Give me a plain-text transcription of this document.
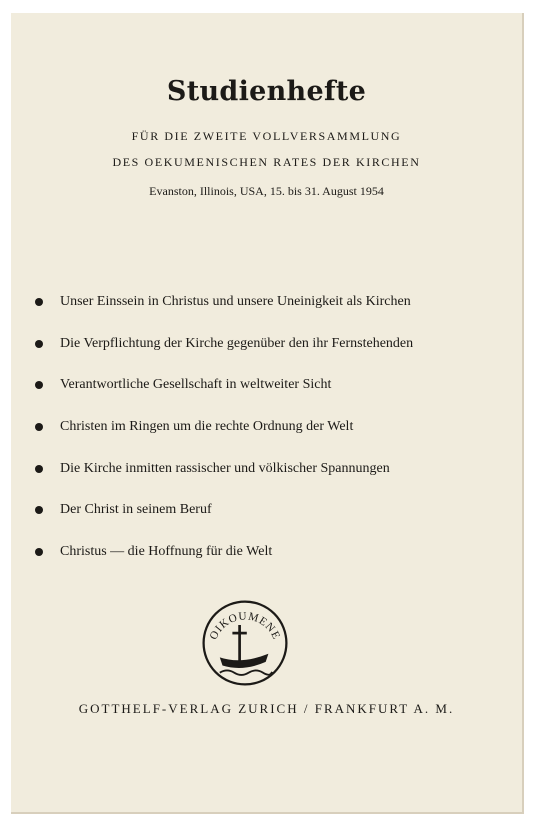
Studienhefte

FÜR DIE ZWEITE VOLLVERSAMMLUNG

DES OEKUMENISCHEN RATES DER KIRCHEN

Evanston, Illinois, USA, 15. bis 31. August 1954
Unser Einssein in Christus und unsere Uneinigkeit als Kirchen
Die Verpflichtung der Kirche gegenüber den ihr Fernstehenden
Verantwortliche Gesellschaft in weltweiter Sicht
Christen im Ringen um die rechte Ordnung der Welt
Die Kirche inmitten rassischer und völkischer Spannungen
Der Christ in seinem Beruf
Christus — die Hoffnung für die Welt
OIKOUMENE

GOTTHELF-VERLAG ZURICH / FRANKFURT A. M.
